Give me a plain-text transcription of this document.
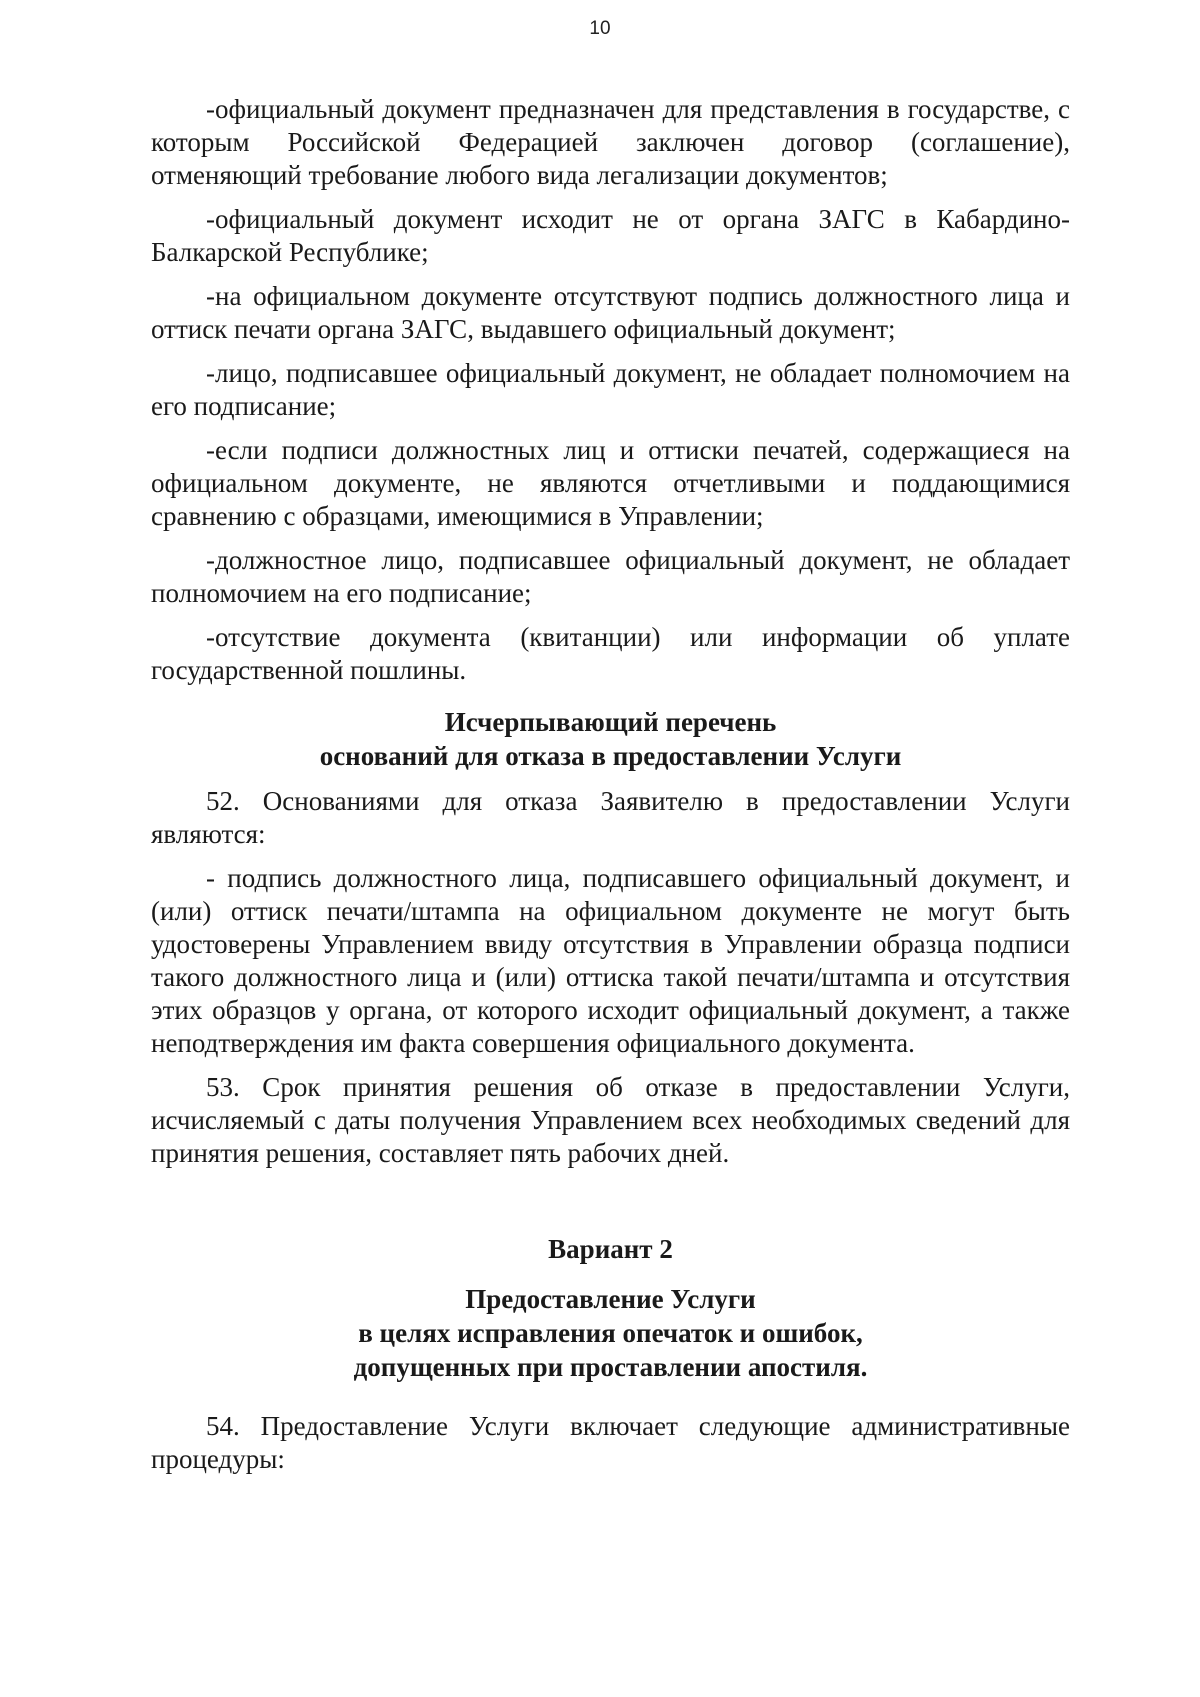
10

-официальный документ предназначен для представления в государстве, с которым Российской Федерацией заключен договор (соглашение), отменяющий требование любого вида легализации документов;

-официальный документ исходит не от органа ЗАГС в Кабардино-Балкарской Республике;

-на официальном документе отсутствуют подпись должностного лица и оттиск печати органа ЗАГС, выдавшего официальный документ;

-лицо, подписавшее официальный документ, не обладает полномочием на его подписание;

-если подписи должностных лиц и оттиски печатей, содержащиеся на официальном документе, не являются отчетливыми и поддающимися сравнению с образцами, имеющимися в Управлении;

-должностное лицо, подписавшее официальный документ, не обладает полномочием на его подписание;

-отсутствие документа (квитанции) или информации об уплате государственной пошлины.

Исчерпывающий перечень

оснований для отказа в предоставлении Услуги

52. Основаниями для отказа Заявителю в предоставлении Услуги являются:

- подпись должностного лица, подписавшего официальный документ, и (или) оттиск печати/штампа на официальном документе не могут быть удостоверены Управлением ввиду отсутствия в Управлении образца подписи такого должностного лица и (или) оттиска такой печати/штампа и отсутствия этих образцов у органа, от которого исходит официальный документ, а также неподтверждения им факта совершения официального документа.

53. Срок принятия решения об отказе в предоставлении Услуги, исчисляемый с даты получения Управлением всех необходимых сведений для принятия решения, составляет пять рабочих дней.

Вариант 2

Предоставление Услуги

в целях исправления опечаток и ошибок,

допущенных при проставлении апостиля.

54. Предоставление Услуги включает следующие административные процедуры:
